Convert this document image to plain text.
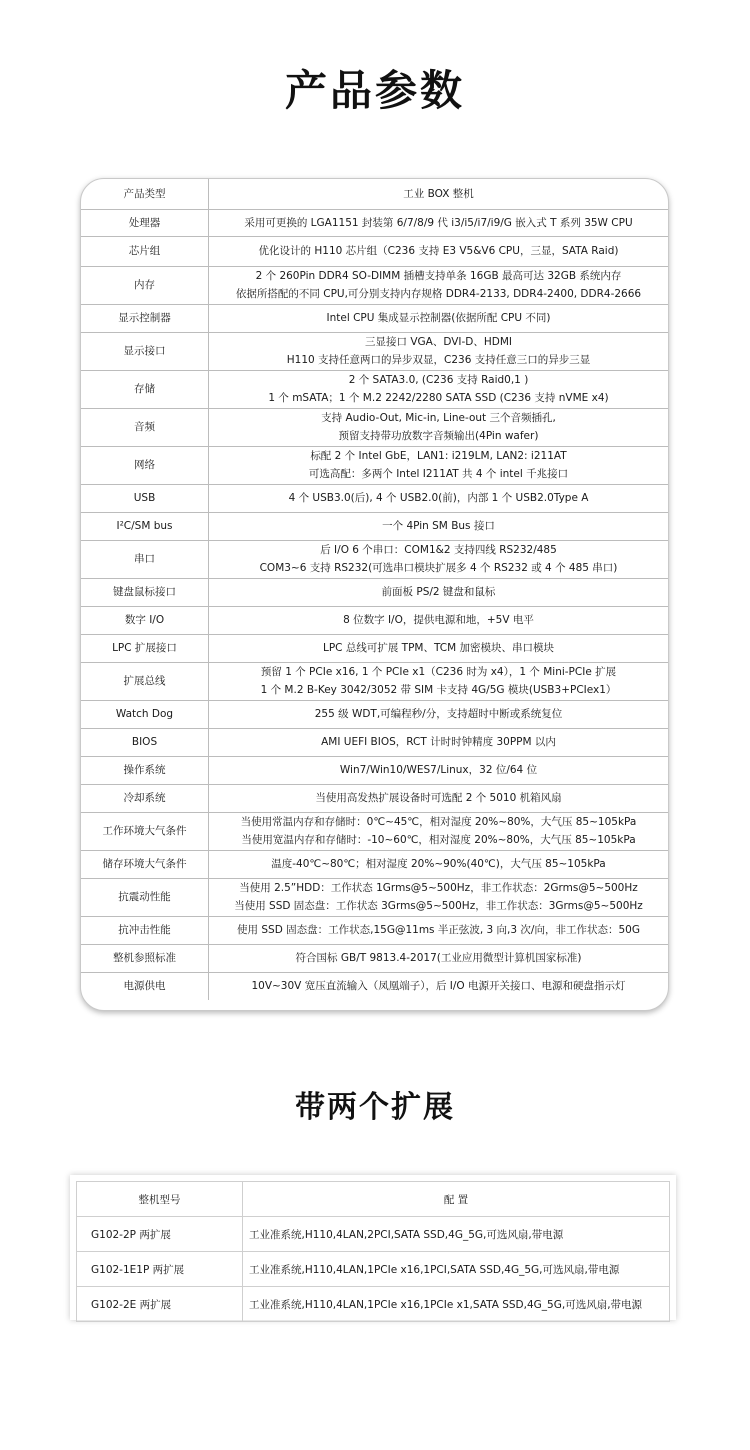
产品参数
产品类型	工业 BOX 整机
处理器	采用可更换的 LGA1151 封装第 6/7/8/9 代 i3/i5/i7/i9/G 嵌入式 T 系列 35W CPU
芯片组	优化设计的 H110 芯片组（C236 支持 E3 V5&V6 CPU，三显，SATA Raid)
内存	2 个 260Pin DDR4 SO-DIMM 插槽支持单条 16GB 最高可达 32GB 系统内存
依据所搭配的不同 CPU,可分别支持内存规格 DDR4-2133, DDR4-2400, DDR4-2666
显示控制器	Intel CPU 集成显示控制器(依据所配 CPU 不同)
显示接口	三显接口 VGA、DVI-D、HDMI
H110 支持任意两口的异步双显，C236 支持任意三口的异步三显
存储	2 个 SATA3.0, (C236 支持 Raid0,1 )
1 个 mSATA；1 个 M.2 2242/2280 SATA SSD (C236 支持 nVME x4)
音频	支持 Audio-Out, Mic-in, Line-out 三个音频插孔,
预留支持带功放数字音频输出(4Pin wafer)
网络	标配 2 个 Intel GbE，LAN1: i219LM, LAN2: i211AT
可选高配：多两个 Intel I211AT 共 4 个 intel 千兆接口
USB	4 个 USB3.0(后), 4 个 USB2.0(前)，内部 1 个 USB2.0Type A
I²C/SM bus	一个 4Pin SM Bus 接口
串口	后 I/O 6 个串口：COM1&2 支持四线 RS232/485
COM3~6 支持 RS232(可选串口模块扩展多 4 个 RS232 或 4 个 485 串口)
键盘鼠标接口	前面板 PS/2 键盘和鼠标
数字 I/O	8 位数字 I/O，提供电源和地，+5V 电平
LPC 扩展接口	LPC 总线可扩展 TPM、TCM 加密模块、串口模块
扩展总线	预留 1 个 PCIe x16, 1 个 PCIe x1（C236 时为 x4），1 个 Mini-PCIe 扩展
1 个 M.2 B-Key 3042/3052 带 SIM 卡支持 4G/5G 模块(USB3+PCIex1）
Watch Dog	255 级 WDT,可编程秒/分，支持超时中断或系统复位
BIOS	AMI UEFI BIOS，RCT 计时时钟精度 30PPM 以内
操作系统	Win7/Win10/WES7/Linux，32 位/64 位
冷却系统	当使用高发热扩展设备时可选配 2 个 5010 机箱风扇
工作环境大气条件	当使用常温内存和存储时：0℃~45℃，相对湿度 20%~80%，大气压 85~105kPa
当使用宽温内存和存储时：-10~60℃，相对湿度 20%~80%，大气压 85~105kPa
储存环境大气条件	温度-40℃~80℃；相对湿度 20%~90%(40℃)，大气压 85~105kPa
抗震动性能	当使用 2.5”HDD：工作状态 1Grms@5~500Hz，非工作状态：2Grms@5~500Hz
当使用 SSD 固态盘：工作状态 3Grms@5~500Hz，非工作状态：3Grms@5~500Hz
抗冲击性能	使用 SSD 固态盘：工作状态,15G@11ms 半正弦波, 3 向,3 次/向，非工作状态：50G
整机参照标准	符合国标 GB/T 9813.4-2017(工业应用微型计算机国家标准)
电源供电	10V~30V 宽压直流输入（凤凰端子），后 I/O 电源开关接口、电源和硬盘指示灯
带两个扩展
整机型号	配 置
G102-2P 两扩展	工业准系统,H110,4LAN,2PCI,SATA SSD,4G_5G,可选风扇,带电源
G102-1E1P 两扩展	工业准系统,H110,4LAN,1PCIe x16,1PCI,SATA SSD,4G_5G,可选风扇,带电源
G102-2E 两扩展	工业准系统,H110,4LAN,1PCIe x16,1PCIe x1,SATA SSD,4G_5G,可选风扇,带电源
